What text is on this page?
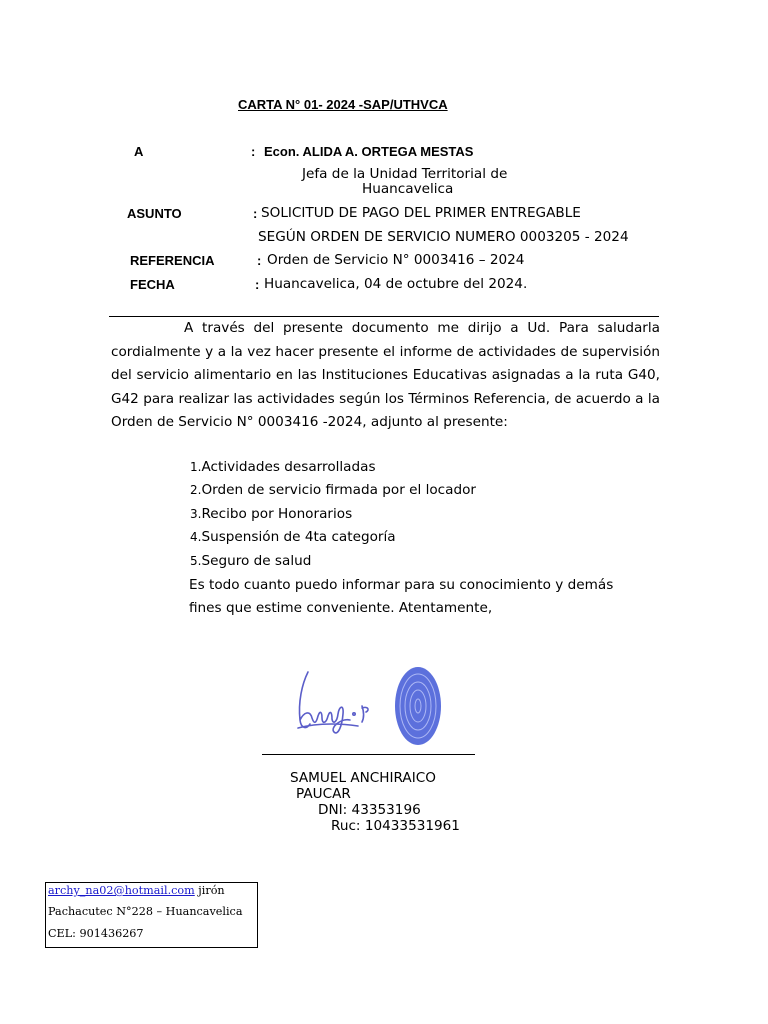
CARTA N° 01- 2024 -SAP/UTHVCA
A	: Econ. ALIDA A. ORTEGA MESTAS
Jefa de la Unidad Territorial de
Huancavelica
ASUNTO	: SOLICITUD DE PAGO DEL PRIMER ENTREGABLE
SEGÚN ORDEN DE SERVICIO NUMERO 0003205 - 2024
REFERENCIA	: Orden de Servicio N° 0003416 – 2024
FECHA	: Huancavelica, 04 de octubre del 2024.
A través del presente documento me dirijo a Ud. Para saludarla cordialmente y a la vez hacer presente el informe de actividades de supervisión del servicio alimentario en las Instituciones Educativas asignadas a la ruta G40, G42 para realizar las actividades según los Términos Referencia, de acuerdo a la Orden de Servicio N° 0003416 -2024, adjunto al presente:
1.Actividades desarrolladas
2.Orden de servicio firmada por el locador
3.Recibo por Honorarios
4.Suspensión de 4ta categoría
5.Seguro de salud
Es todo cuanto puedo informar para su conocimiento y demás fines que estime conveniente. Atentamente,
SAMUEL ANCHIRAICO
PAUCAR
DNI: 43353196
Ruc: 10433531961
archy_na02@hotmail.com jirón
Pachacutec N°228 – Huancavelica
CEL: 901436267
